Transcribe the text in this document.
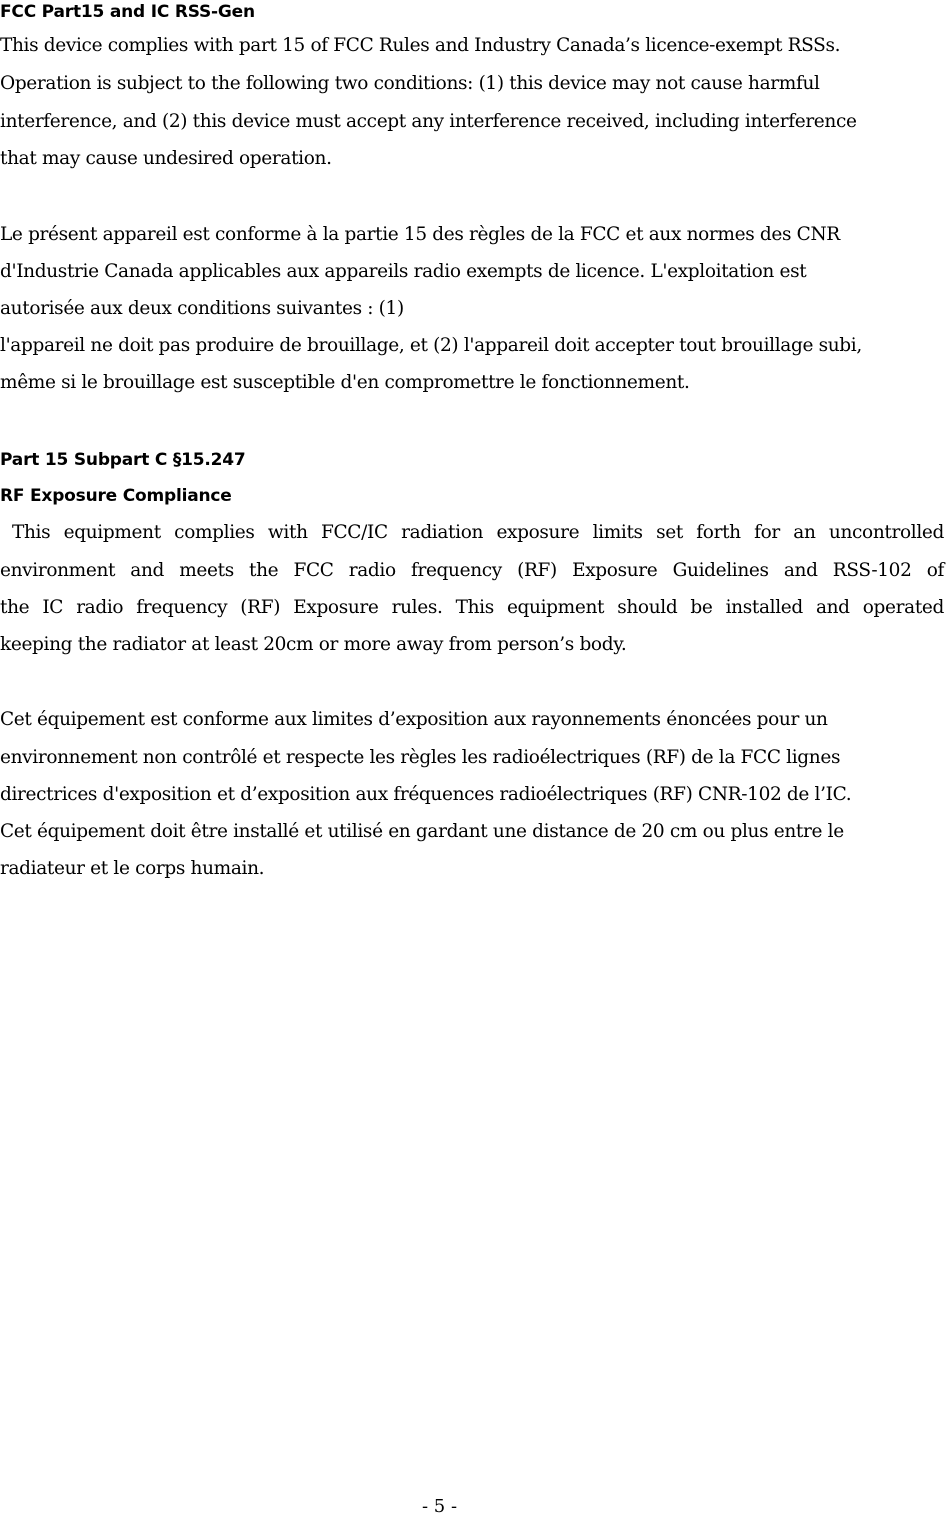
FCC Part15 and IC RSS-Gen
This device complies with part 15 of FCC Rules and Industry Canada’s licence-exempt RSSs.
Operation is subject to the following two conditions: (1) this device may not cause harmful
interference, and (2) this device must accept any interference received, including interference
that may cause undesired operation.
Le présent appareil est conforme à la partie 15 des règles de la FCC et aux normes des CNR
d'Industrie Canada applicables aux appareils radio exempts de licence. L'exploitation est
autorisée aux deux conditions suivantes : (1)
l'appareil ne doit pas produire de brouillage, et (2) l'appareil doit accepter tout brouillage subi,
même si le brouillage est susceptible d'en compromettre le fonctionnement.
Part 15 Subpart C §15.247
RF Exposure Compliance
This equipment complies with FCC/IC radiation exposure limits set forth for an uncontrolled
environment and meets the FCC radio frequency (RF) Exposure Guidelines and RSS-102 of
the IC radio frequency (RF) Exposure rules. This equipment should be installed and operated
keeping the radiator at least 20cm or more away from person’s body.
Cet équipement est conforme aux limites d’exposition aux rayonnements énoncées pour un
environnement non contrôlé et respecte les règles les radioélectriques (RF) de la FCC lignes
directrices d'exposition et d’exposition aux fréquences radioélectriques (RF) CNR-102 de l’IC.
Cet équipement doit être installé et utilisé en gardant une distance de 20 cm ou plus entre le
radiateur et le corps humain.
- 5 -
